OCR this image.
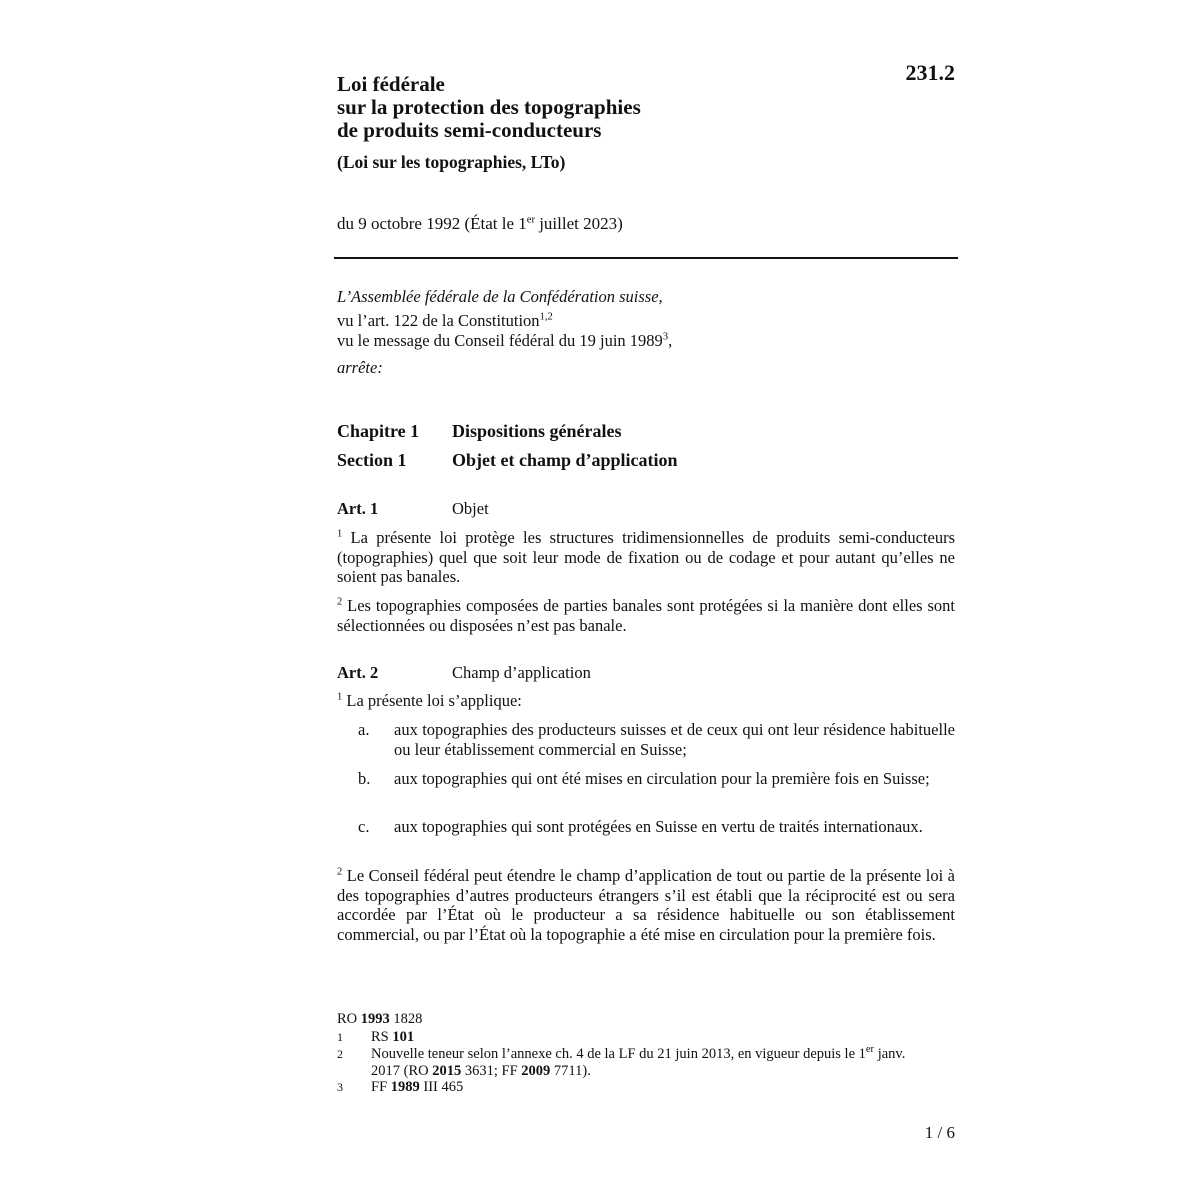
231.2
Loi fédérale
sur la protection des topographies
de produits semi-conducteurs
(Loi sur les topographies, LTo)
du 9 octobre 1992 (État le 1er juillet 2023)
L’Assemblée fédérale de la Confédération suisse,
vu l’art. 122 de la Constitution$^{1,2}$
vu le message du Conseil fédéral du 19 juin 1989$^3$,
arrête:
Chapitre 1 Dispositions générales
Section 1	Objet et champ d’application
Art. 1	Objet
$^1$ La présente loi protège les structures tridimensionnelles de produits semi-conducteurs (topographies) quel que soit leur mode de fixation ou de codage et pour autant qu’elles ne soient pas banales.
$^2$ Les topographies composées de parties banales sont protégées si la manière dont elles sont sélectionnées ou disposées n’est pas banale.
Art. 2	Champ d’application
$^1$ La présente loi s’applique:
a. aux topographies des producteurs suisses et de ceux qui ont leur résidence habituelle ou leur établissement commercial en Suisse;
b. aux topographies qui ont été mises en circulation pour la première fois en Suisse;
c. aux topographies qui sont protégées en Suisse en vertu de traités internationaux.
$^2$ Le Conseil fédéral peut étendre le champ d’application de tout ou partie de la présente loi à des topographies d’autres producteurs étrangers s’il est établi que la réciprocité est ou sera accordée par l’État où le producteur a sa résidence habituelle ou son établissement commercial, ou par l’État où la topographie a été mise en circulation pour la première fois.
RO 1993 1828
1 RS 101
2 Nouvelle teneur selon l’annexe ch. 4 de la LF du 21 juin 2013, en vigueur depuis le 1er janv. 2017 (RO 2015 3631; FF 2009 7711).
3 FF 1989 III 465
1 / 6
